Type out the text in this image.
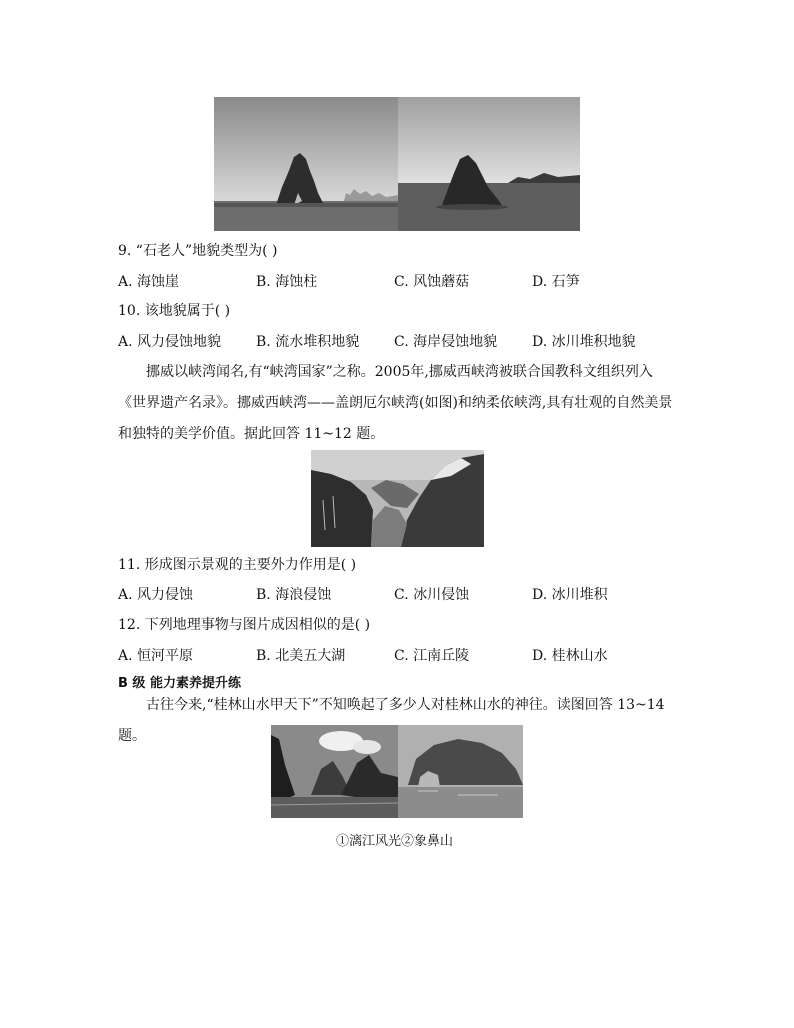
9. “石老人”地貌类型为( )
A. 海蚀崖	B. 海蚀柱	C. 风蚀蘑菇	D. 石笋
10. 该地貌属于( )
A. 风力侵蚀地貌 B. 流水堆积地貌 C. 海岸侵蚀地貌 D. 冰川堆积地貌
挪威以峡湾闻名,有“峡湾国家”之称。2005年,挪威西峡湾被联合国教科文组织列入《世界遗产名录》。挪威西峡湾——盖朗厄尔峡湾(如图)和纳柔依峡湾,具有壮观的自然美景和独特的美学价值。据此回答 11~12 题。
11. 形成图示景观的主要外力作用是( )
A. 风力侵蚀	B. 海浪侵蚀	C. 冰川侵蚀	D. 冰川堆积
12. 下列地理事物与图片成因相似的是( )
A. 恒河平原	B. 北美五大湖	C. 江南丘陵	D. 桂林山水
B 级 能力素养提升练
古往今来,“桂林山水甲天下”不知唤起了多少人对桂林山水的神往。读图回答 13~14 题。
①漓江风光②象鼻山
